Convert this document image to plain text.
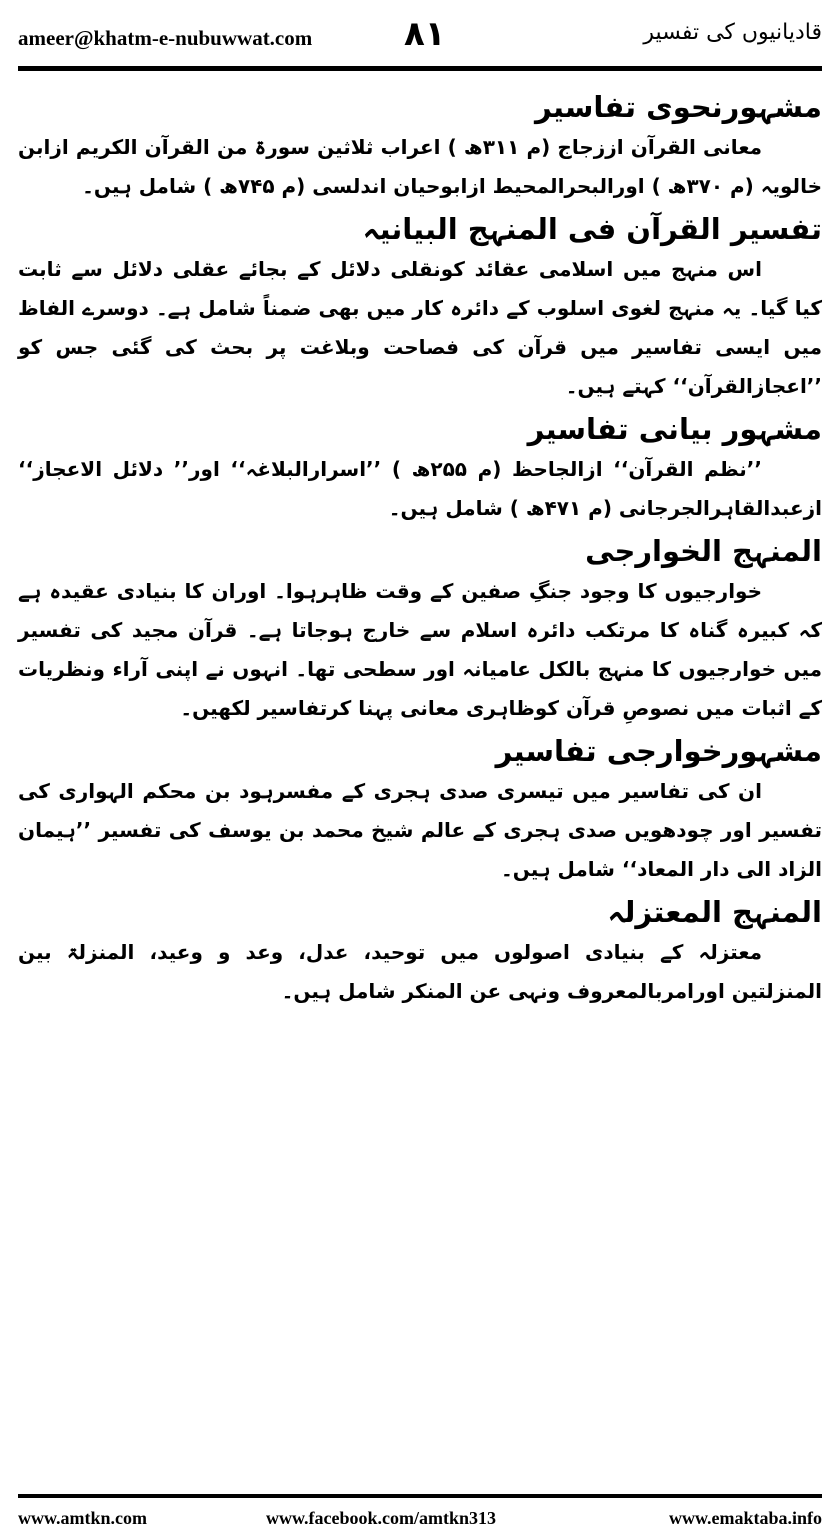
ameer@khatm-e-nubuwwat.com	٨١	قادیانیوں کی تفسیر
مشہورنحوی تفاسیر

معانی القرآن اززجاج (م ۳۱۱ھ ) اعراب ثلاثین سورۃ من القرآن الکریم ازابن خالویہ (م ۳۷۰ھ ) اورالبحرالمحیط ازابوحیان اندلسی (م ۷۴۵ھ ) شامل ہیں۔

تفسیر القرآن فی المنہج البیانیہ

اس منہج میں اسلامی عقائد کونقلی دلائل کے بجائے عقلی دلائل سے ثابت کیا گیا۔ یہ منہج لغوی اسلوب کے دائرہ کار میں بھی ضمناً شامل ہے۔ دوسرے الفاظ میں ایسی تفاسیر میں قرآن کی فصاحت وبلاغت پر بحث کی گئی جس کو ’’اعجازالقرآن‘‘ کہتے ہیں۔

مشہور بیانی تفاسیر

’’نظم القرآن‘‘ ازالجاحظ (م ۲۵۵ھ ) ’’اسرارالبلاغہ‘‘ اور’’ دلائل الاعجاز‘‘ ازعبدالقاہرالجرجانی (م ۴۷۱ھ ) شامل ہیں۔

المنہج الخوارجی

خوارجیوں کا وجود جنگِ صفین کے وقت ظاہرہوا۔ اوران کا بنیادی عقیدہ ہے کہ کبیرہ گناہ کا مرتکب دائرہ اسلام سے خارج ہوجاتا ہے۔ قرآن مجید کی تفسیر میں خوارجیوں کا منہج بالکل عامیانہ اور سطحی تھا۔ انہوں نے اپنی آراء ونظریات کے اثبات میں نصوصِ قرآن کوظاہری معانی پہنا کرتفاسیر لکھیں۔

مشہورخوارجی تفاسیر

ان کی تفاسیر میں تیسری صدی ہجری کے مفسرہود بن محکم الہواری کی تفسیر اور چودھویں صدی ہجری کے عالم شیخ محمد بن یوسف کی تفسیر ’’ہیمان الزاد الی دار المعاد‘‘ شامل ہیں۔

المنہج المعتزلہ

معتزلہ کے بنیادی اصولوں میں توحید، عدل، وعد و وعید، المنزلۃ بین المنزلتین اورامربالمعروف ونہی عن المنکر شامل ہیں۔

www.amtkn.com	www.facebook.com/amtkn313	www.emaktaba.info
